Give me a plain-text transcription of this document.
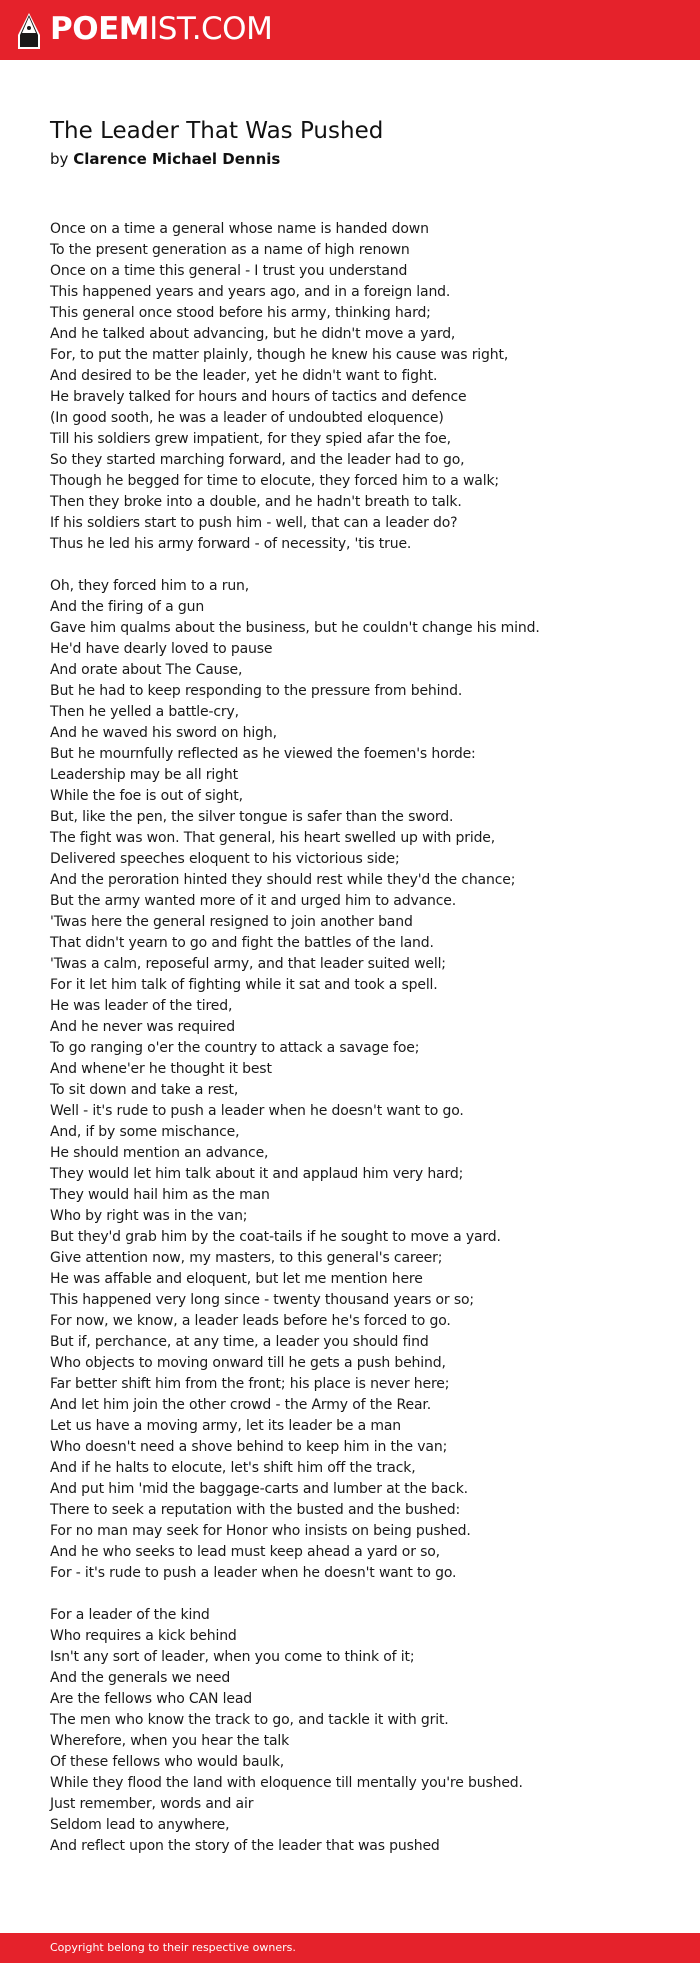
POEMIST.COM
The Leader That Was Pushed
by Clarence Michael Dennis
Once on a time a general whose name is handed down
To the present generation as a name of high renown
Once on a time this general - I trust you understand
This happened years and years ago, and in a foreign land.
This general once stood before his army, thinking hard;
And he talked about advancing, but he didn't move a yard,
For, to put the matter plainly, though he knew his cause was right,
And desired to be the leader, yet he didn't want to fight.
He bravely talked for hours and hours of tactics and defence
(In good sooth, he was a leader of undoubted eloquence)
Till his soldiers grew impatient, for they spied afar the foe,
So they started marching forward, and the leader had to go,
Though he begged for time to elocute, they forced him to a walk;
Then they broke into a double, and he hadn't breath to talk.
If his soldiers start to push him - well, that can a leader do?
Thus he led his army forward - of necessity, 'tis true.
Oh, they forced him to a run,
And the firing of a gun
Gave him qualms about the business, but he couldn't change his mind.
He'd have dearly loved to pause
And orate about The Cause,
But he had to keep responding to the pressure from behind.
Then he yelled a battle-cry,
And he waved his sword on high,
But he mournfully reflected as he viewed the foemen's horde:
Leadership may be all right
While the foe is out of sight,
But, like the pen, the silver tongue is safer than the sword.
The fight was won. That general, his heart swelled up with pride,
Delivered speeches eloquent to his victorious side;
And the peroration hinted they should rest while they'd the chance;
But the army wanted more of it and urged him to advance.
'Twas here the general resigned to join another band
That didn't yearn to go and fight the battles of the land.
'Twas a calm, reposeful army, and that leader suited well;
For it let him talk of fighting while it sat and took a spell.
He was leader of the tired,
And he never was required
To go ranging o'er the country to attack a savage foe;
And whene'er he thought it best
To sit down and take a rest,
Well - it's rude to push a leader when he doesn't want to go.
And, if by some mischance,
He should mention an advance,
They would let him talk about it and applaud him very hard;
They would hail him as the man
Who by right was in the van;
But they'd grab him by the coat-tails if he sought to move a yard.
Give attention now, my masters, to this general's career;
He was affable and eloquent, but let me mention here
This happened very long since - twenty thousand years or so;
For now, we know, a leader leads before he's forced to go.
But if, perchance, at any time, a leader you should find
Who objects to moving onward till he gets a push behind,
Far better shift him from the front; his place is never here;
And let him join the other crowd - the Army of the Rear.
Let us have a moving army, let its leader be a man
Who doesn't need a shove behind to keep him in the van;
And if he halts to elocute, let's shift him off the track,
And put him 'mid the baggage-carts and lumber at the back.
There to seek a reputation with the busted and the bushed:
For no man may seek for Honor who insists on being pushed.
And he who seeks to lead must keep ahead a yard or so,
For - it's rude to push a leader when he doesn't want to go.
For a leader of the kind
Who requires a kick behind
Isn't any sort of leader, when you come to think of it;
And the generals we need
Are the fellows who CAN lead
The men who know the track to go, and tackle it with grit.
Wherefore, when you hear the talk
Of these fellows who would baulk,
While they flood the land with eloquence till mentally you're bushed.
Just remember, words and air
Seldom lead to anywhere,
And reflect upon the story of the leader that was pushed
Copyright belong to their respective owners.
